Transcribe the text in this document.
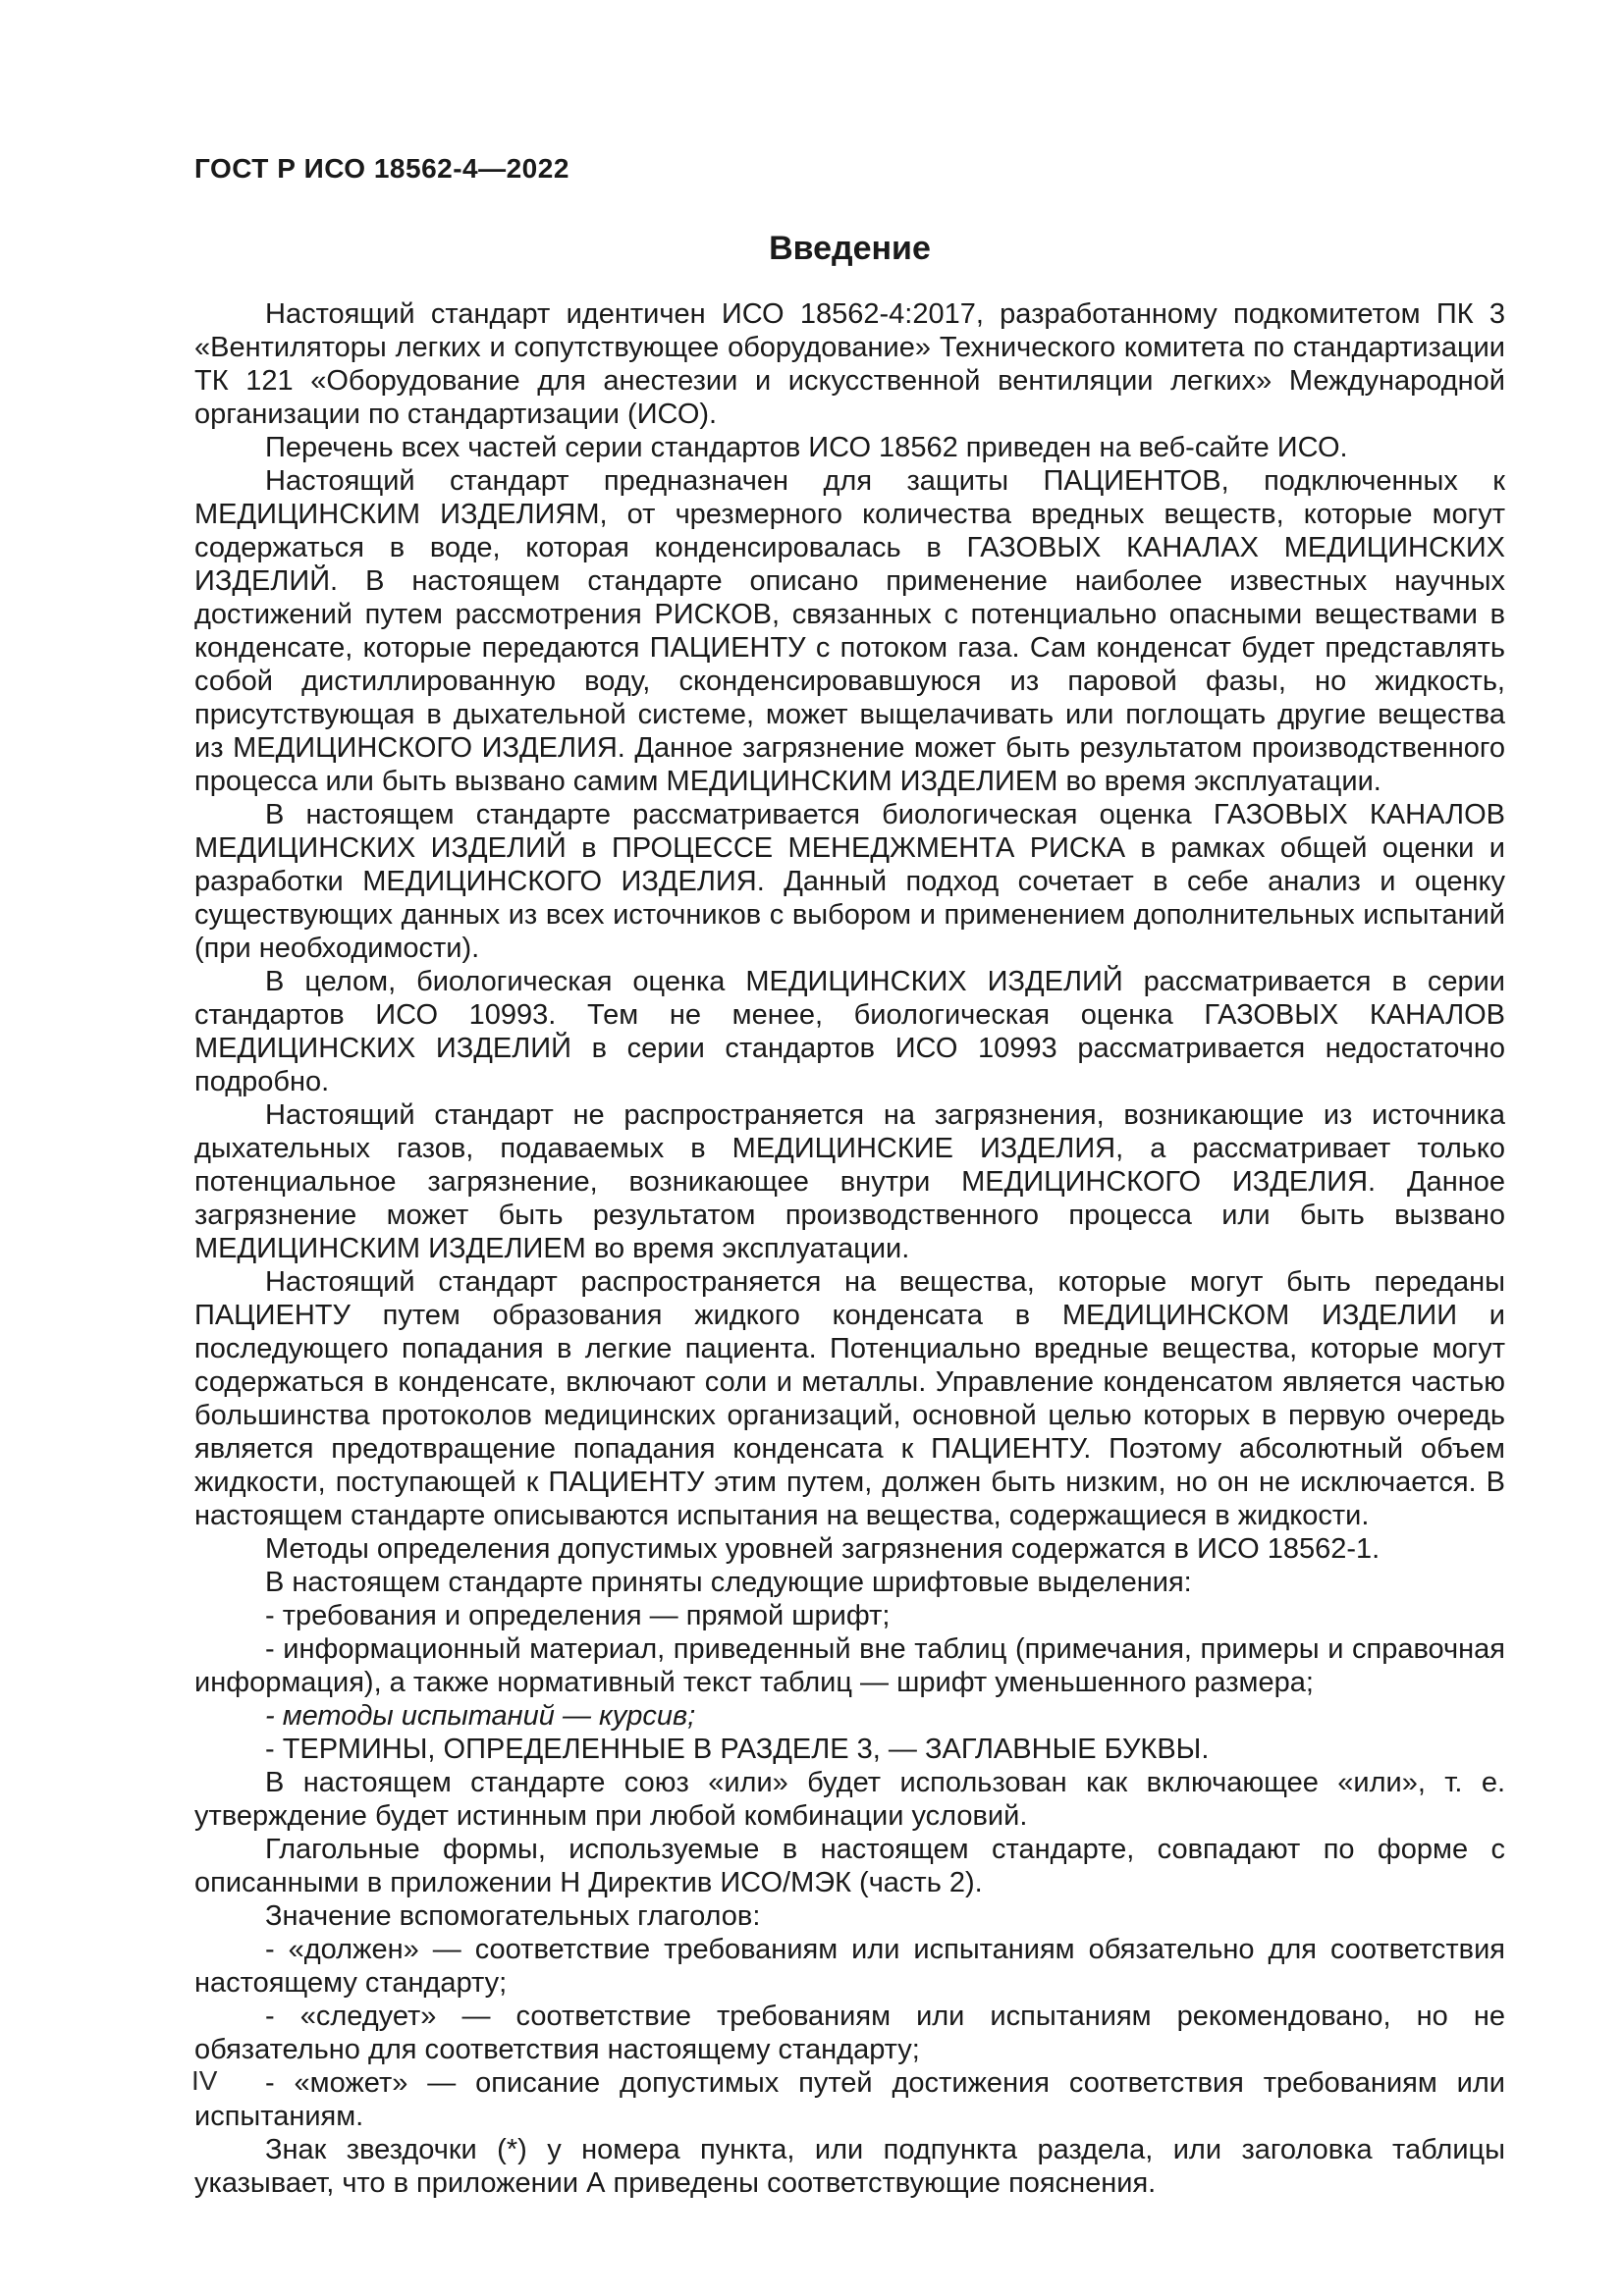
ГОСТ Р ИСО 18562-4—2022
Введение

Настоящий стандарт идентичен ИСО 18562-4:2017, разработанному подкомитетом ПК 3 «Вентиляторы легких и сопутствующее оборудование» Технического комитета по стандартизации ТК 121 «Оборудование для анестезии и искусственной вентиляции легких» Международной организации по стандартизации (ИСО).

Перечень всех частей серии стандартов ИСО 18562 приведен на веб-сайте ИСО.

Настоящий стандарт предназначен для защиты ПАЦИЕНТОВ, подключенных к МЕДИЦИНСКИМ ИЗДЕЛИЯМ, от чрезмерного количества вредных веществ, которые могут содержаться в воде, которая конденсировалась в ГАЗОВЫХ КАНАЛАХ МЕДИЦИНСКИХ ИЗДЕЛИЙ. В настоящем стандарте описано применение наиболее известных научных достижений путем рассмотрения РИСКОВ, связанных с потенциально опасными веществами в конденсате, которые передаются ПАЦИЕНТУ с потоком газа. Сам конденсат будет представлять собой дистиллированную воду, сконденсировавшуюся из паровой фазы, но жидкость, присутствующая в дыхательной системе, может выщелачивать или поглощать другие вещества из МЕДИЦИНСКОГО ИЗДЕЛИЯ. Данное загрязнение может быть результатом производственного процесса или быть вызвано самим МЕДИЦИНСКИМ ИЗДЕЛИЕМ во время эксплуатации.

В настоящем стандарте рассматривается биологическая оценка ГАЗОВЫХ КАНАЛОВ МЕДИЦИНСКИХ ИЗДЕЛИЙ в ПРОЦЕССЕ МЕНЕДЖМЕНТА РИСКА в рамках общей оценки и разработки МЕДИЦИНСКОГО ИЗДЕЛИЯ. Данный подход сочетает в себе анализ и оценку существующих данных из всех источников с выбором и применением дополнительных испытаний (при необходимости).

В целом, биологическая оценка МЕДИЦИНСКИХ ИЗДЕЛИЙ рассматривается в серии стандартов ИСО 10993. Тем не менее, биологическая оценка ГАЗОВЫХ КАНАЛОВ МЕДИЦИНСКИХ ИЗДЕЛИЙ в серии стандартов ИСО 10993 рассматривается недостаточно подробно.

Настоящий стандарт не распространяется на загрязнения, возникающие из источника дыхательных газов, подаваемых в МЕДИЦИНСКИЕ ИЗДЕЛИЯ, а рассматривает только потенциальное загрязнение, возникающее внутри МЕДИЦИНСКОГО ИЗДЕЛИЯ. Данное загрязнение может быть результатом производственного процесса или быть вызвано МЕДИЦИНСКИМ ИЗДЕЛИЕМ во время эксплуатации.

Настоящий стандарт распространяется на вещества, которые могут быть переданы ПАЦИЕНТУ путем образования жидкого конденсата в МЕДИЦИНСКОМ ИЗДЕЛИИ и последующего попадания в легкие пациента. Потенциально вредные вещества, которые могут содержаться в конденсате, включают соли и металлы. Управление конденсатом является частью большинства протоколов медицинских организаций, основной целью которых в первую очередь является предотвращение попадания конденсата к ПАЦИЕНТУ. Поэтому абсолютный объем жидкости, поступающей к ПАЦИЕНТУ этим путем, должен быть низким, но он не исключается. В настоящем стандарте описываются испытания на вещества, содержащиеся в жидкости.

Методы определения допустимых уровней загрязнения содержатся в ИСО 18562-1.

В настоящем стандарте приняты следующие шрифтовые выделения:

- требования и определения — прямой шрифт;

- информационный материал, приведенный вне таблиц (примечания, примеры и справочная информация), а также нормативный текст таблиц — шрифт уменьшенного размера;

- методы испытаний — курсив;

- ТЕРМИНЫ, ОПРЕДЕЛЕННЫЕ В РАЗДЕЛЕ 3, — ЗАГЛАВНЫЕ БУКВЫ.

В настоящем стандарте союз «или» будет использован как включающее «или», т. е. утверждение будет истинным при любой комбинации условий.

Глагольные формы, используемые в настоящем стандарте, совпадают по форме с описанными в приложении Н Директив ИСО/МЭК (часть 2).

Значение вспомогательных глаголов:

- «должен» — соответствие требованиям или испытаниям обязательно для соответствия настоящему стандарту;

- «следует» — соответствие требованиям или испытаниям рекомендовано, но не обязательно для соответствия настоящему стандарту;

- «может» — описание допустимых путей достижения соответствия требованиям или испытаниям.

Знак звездочки (*) у номера пункта, или подпункта раздела, или заголовка таблицы указывает, что в приложении А приведены соответствующие пояснения.

IV
